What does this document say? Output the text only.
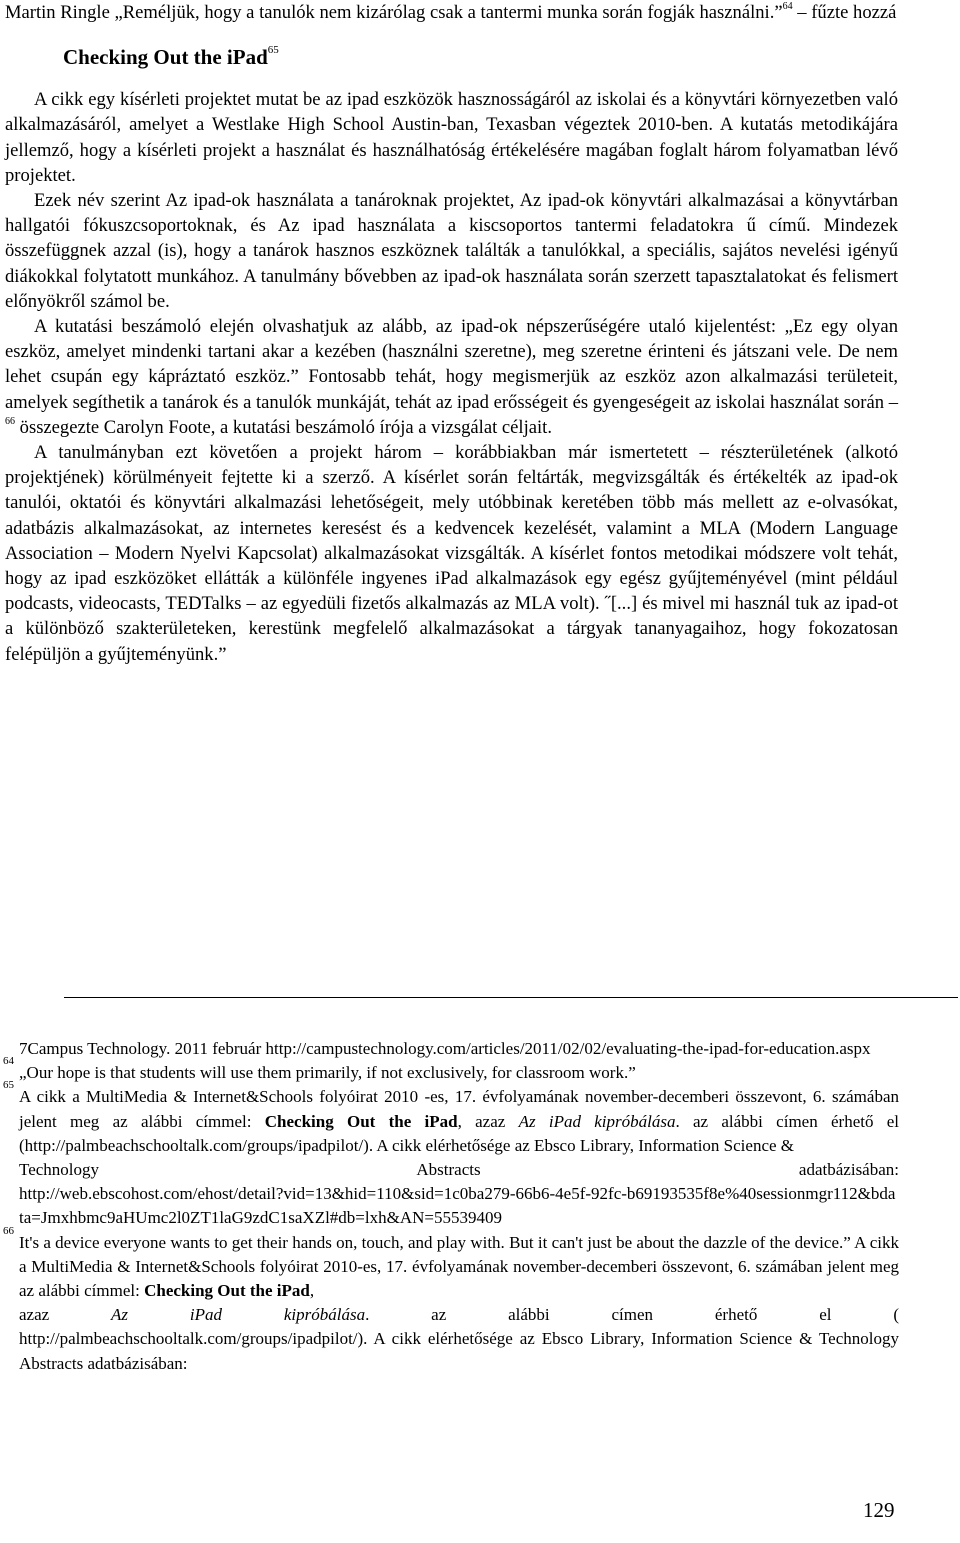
Martin Ringle „Reméljük, hogy a tanulók nem kizárólag csak a tantermi munka során fogják használni.”$^{64}$ – fűzte hozzá

Checking Out the iPad$^{65}$

A cikk egy kísérleti projektet mutat be az ipad eszközök hasznosságáról az iskolai és a könyvtári környezetben való alkalmazásáról, amelyet a Westlake High School Austin-ban, Texasban végeztek 2010-ben. A kutatás metodikájára jellemző, hogy a kísérleti projekt a használat és használhatóság értékelésére magában foglalt három folyamatban lévő projektet.

Ezek név szerint Az ipad-ok használata a tanároknak projektet, Az ipad-ok könyvtári alkalmazásai a könyvtárban hallgatói fókuszcsoportoknak, és Az ipad használata a kiscsoportos tantermi feladatokra ű című. Mindezek összefüggnek azzal (is), hogy a tanárok hasznos eszköznek találták a tanulókkal, a speciális, sajátos nevelési igényű diákokkal folytatott munkához. A tanulmány bővebben az ipad-ok használata során szerzett tapasztalatokat és felismert előnyökről számol be.

A kutatási beszámoló elején olvashatjuk az alább, az ipad-ok népszerűségére utaló kijelentést: „Ez egy olyan eszköz, amelyet mindenki tartani akar a kezében (használni szeretne), meg szeretne érinteni és játszani vele. De nem lehet csupán egy kápráztató eszköz.” Fontosabb tehát, hogy megismerjük az eszköz azon alkalmazási területeit, amelyek segíthetik a tanárok és a tanulók munkáját, tehát az ipad erősségeit és gyengeségeit az iskolai használat során – $^{66}$ összegezte Carolyn Foote, a kutatási beszámoló írója a vizsgálat céljait.

A tanulmányban ezt követően a projekt három – korábbiakban már ismertetett – részterületének (alkotó projektjének) körülményeit fejtette ki a szerző. A kísérlet során feltárták, megvizsgálták és értékelték az ipad-ok tanulói, oktatói és könyvtári alkalmazási lehetőségeit, mely utóbbinak keretében több más mellett az e-olvasókat, adatbázis alkalmazásokat, az internetes keresést és a kedvencek kezelését, valamint a MLA (Modern Language Association – Modern Nyelvi Kapcsolat) alkalmazásokat vizsgálták. A kísérlet fontos metodikai módszere volt tehát, hogy az ipad eszközöket ellátták a különféle ingyenes iPad alkalmazások egy egész gyűjteményével (mint például podcasts, videocasts, TEDTalks – az egyedüli fizetős alkalmazás az MLA volt). ˝[...] és mivel mi használ tuk az ipad-ot a különböző szakterületeken, kerestünk megfelelő alkalmazásokat a tárgyak tananyagaihoz, hogy fokozatosan felépüljön a gyűjteményünk.”

7Campus Technology. 2011 február http://campustechnology.com/articles/2011/02/02/evaluating-the-ipad-for-education.aspx
64
„Our hope is that students will use them primarily, if not exclusively, for classroom work.”
65
A cikk a MultiMedia & Internet&Schools folyóirat 2010 -es, 17. évfolyamának november-decemberi összevont, 6. számában jelent meg az alábbi címmel: Checking Out the iPad, azaz Az iPad kipróbálása. az alábbi címen érhető el (http://palmbeachschooltalk.com/groups/ipadpilot/). A cikk elérhetősége az Ebsco Library, Information Science &
Technology Abstracts adatbázisában:
http://web.ebscohost.com/ehost/detail?vid=13&hid=110&sid=1c0ba279-66b6-4e5f-92fc-b69193535f8e%40sessionmgr112&bdata=Jmxhbmc9aHUmc2l0ZT1laG9zdC1saXZl#db=lxh&AN=55539409
66
It's a device everyone wants to get their hands on, touch, and play with. But it can't just be about the dazzle of the device.” A cikk a MultiMedia & Internet&Schools folyóirat 2010-es, 17. évfolyamának november-decemberi összevont, 6. számában jelent meg az alábbi címmel: Checking Out the iPad,
azaz	Az iPad kipróbálása. az alábbi címen érhető el (
http://palmbeachschooltalk.com/groups/ipadpilot/). A cikk elérhetősége az Ebsco Library, Information Science & Technology Abstracts adatbázisában:
129
